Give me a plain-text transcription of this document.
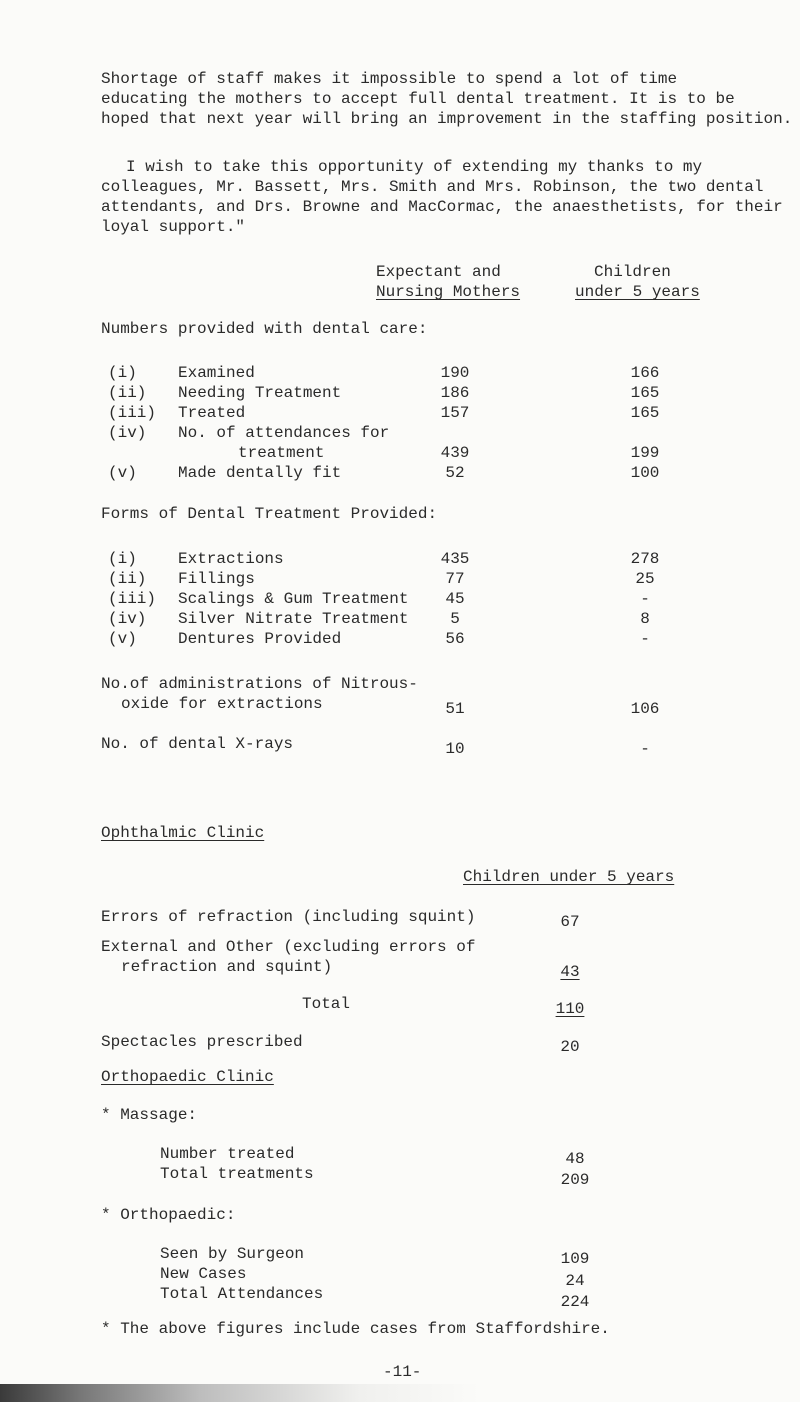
Shortage of staff makes it impossible to spend a lot of time
educating the mothers to accept full dental treatment. It is to be
hoped that next year will bring an improvement in the staffing position.
I wish to take this opportunity of extending my thanks to my
colleagues, Mr. Bassett, Mrs. Smith and Mrs. Robinson, the two dental
attendants, and Drs. Browne and MacCormac, the anaesthetists, for their
loyal support."
Expectant and
Nursing Mothers
Children
under 5 years
Numbers provided with dental care:
(i)	Examined	190	166
(ii) Needing Treatment	186	165
(iii) Treated	157	165
(iv) No. of attendances for
treatment	439	199
(v)	Made dentally fit	52	100
Forms of Dental Treatment Provided:
(i)	Extractions	435	278
(ii) Fillings	77	25
(iii) Scalings & Gum Treatment	45	-
(iv) Silver Nitrate Treatment	5	8
(v)	Dentures Provided	56	-
No.of administrations of Nitrous-
oxide for extractions	51	106
No. of dental X-rays	10	-
Ophthalmic Clinic
Children under 5 years
Errors of refraction (including squint)	67
External and Other (excluding errors of
refraction and squint)	43
Total	110
Spectacles prescribed	20
Orthopaedic Clinic
* Massage:
Number treated	48
Total treatments	209
* Orthopaedic:
Seen by Surgeon	109
New Cases	24
Total Attendances	224
* The above figures include cases from Staffordshire.
-11-
